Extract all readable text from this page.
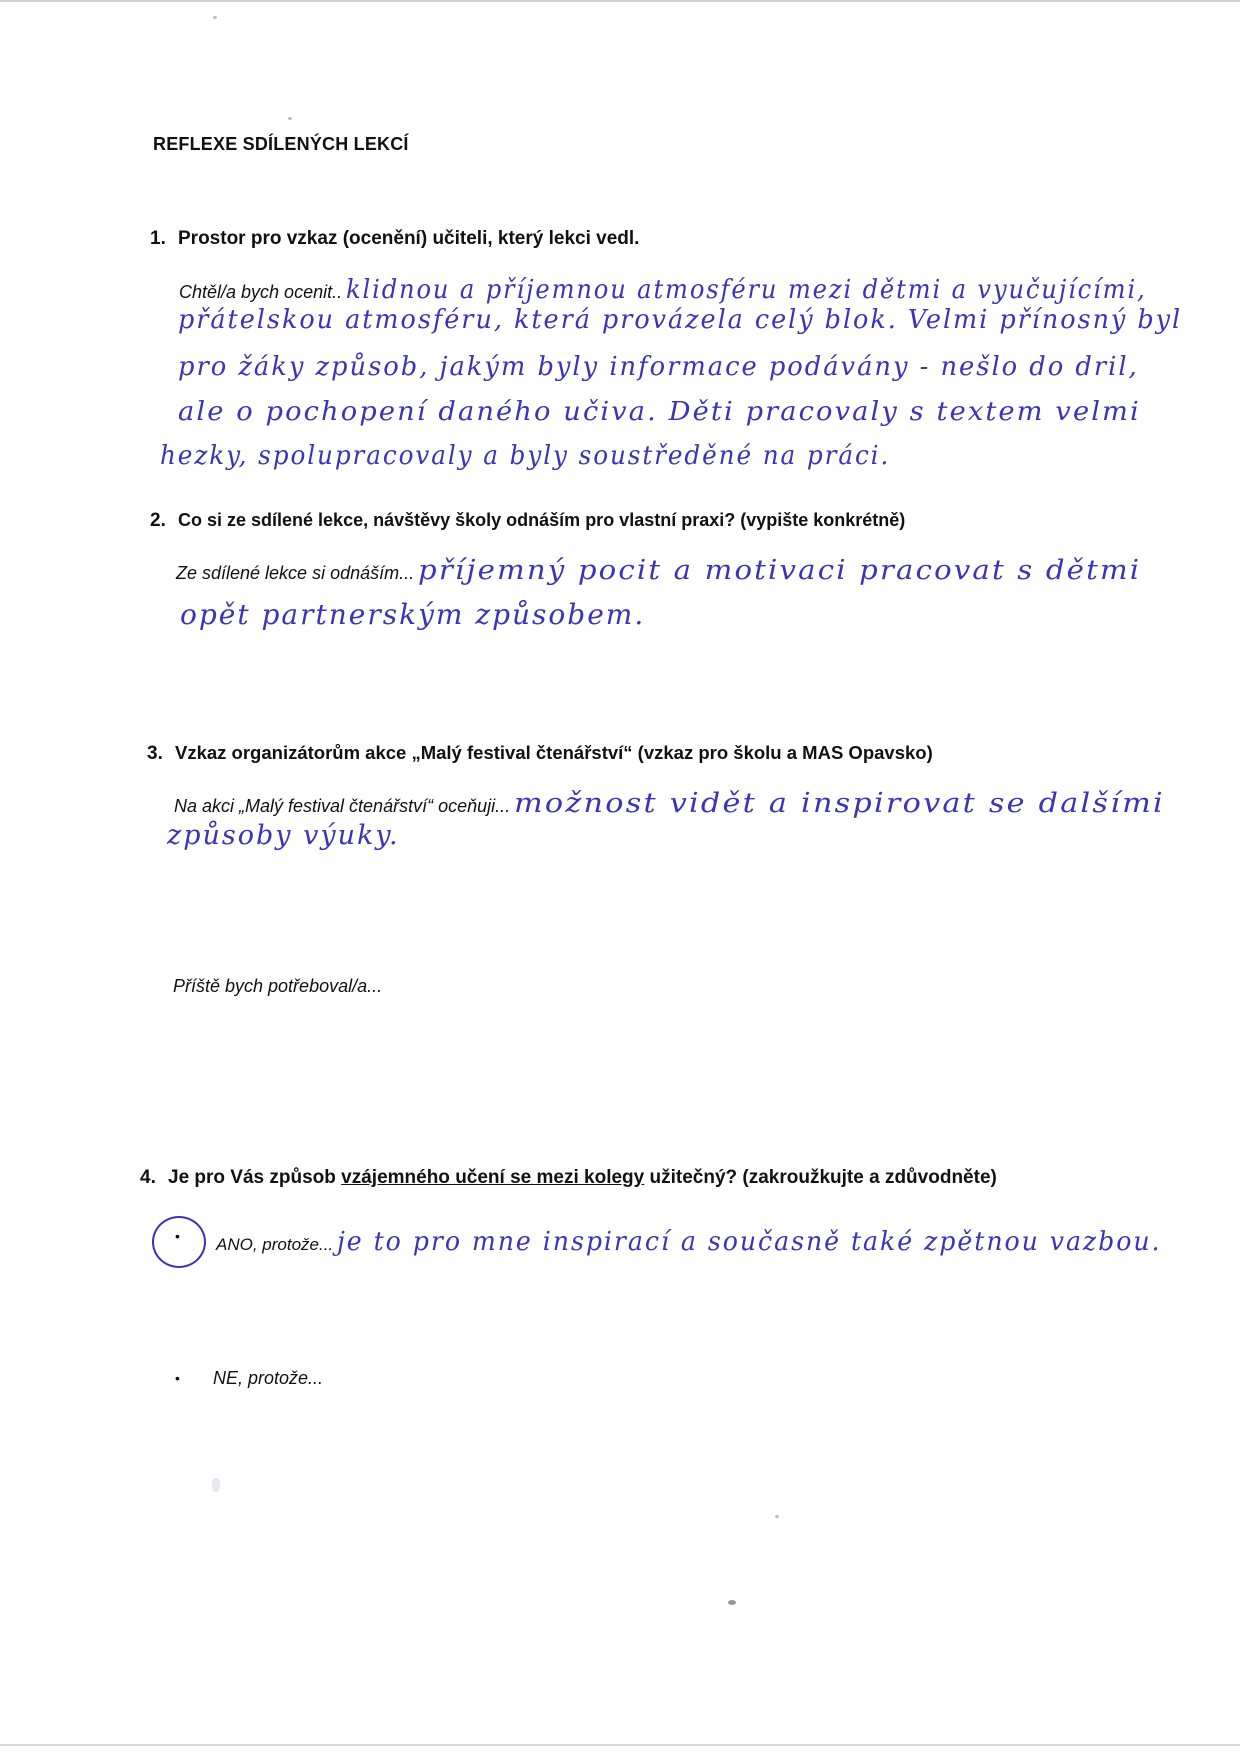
REFLEXE SDÍLENÝCH LEKCÍ
1. Prostor pro vzkaz (ocenění) učiteli, který lekci vedl.
Chtěl/a bych ocenit.. klidnou a příjemnou atmosféru mezi dětmi a vyučujícími,
přátelskou atmosféru, která provázela celý blok. Velmi přínosný byl
pro žáky způsob, jakým byly informace podávány - nešlo do dril,
ale o pochopení daného učiva. Děti pracovaly s textem velmi
hezky, spolupracovaly a byly soustředěné na práci.
2. Co si ze sdílené lekce, návštěvy školy odnáším pro vlastní praxi? (vypište konkrétně)
Ze sdílené lekce si odnáším... příjemný pocit a motivaci pracovat s dětmi
opět partnerským způsobem.
3. Vzkaz organizátorům akce „Malý festival čtenářství“ (vzkaz pro školu a MAS Opavsko)
Na akci „Malý festival čtenářství“ oceňuji... možnost vidět a inspirovat se dalšími
způsoby výuky.
Příště bych potřeboval/a...
4. Je pro Vás způsob vzájemného učení se mezi kolegy užitečný? (zakroužkujte a zdůvodněte)
• ANO, protože... je to pro mne inspirací a současně také zpětnou vazbou.
• NE, protože...
